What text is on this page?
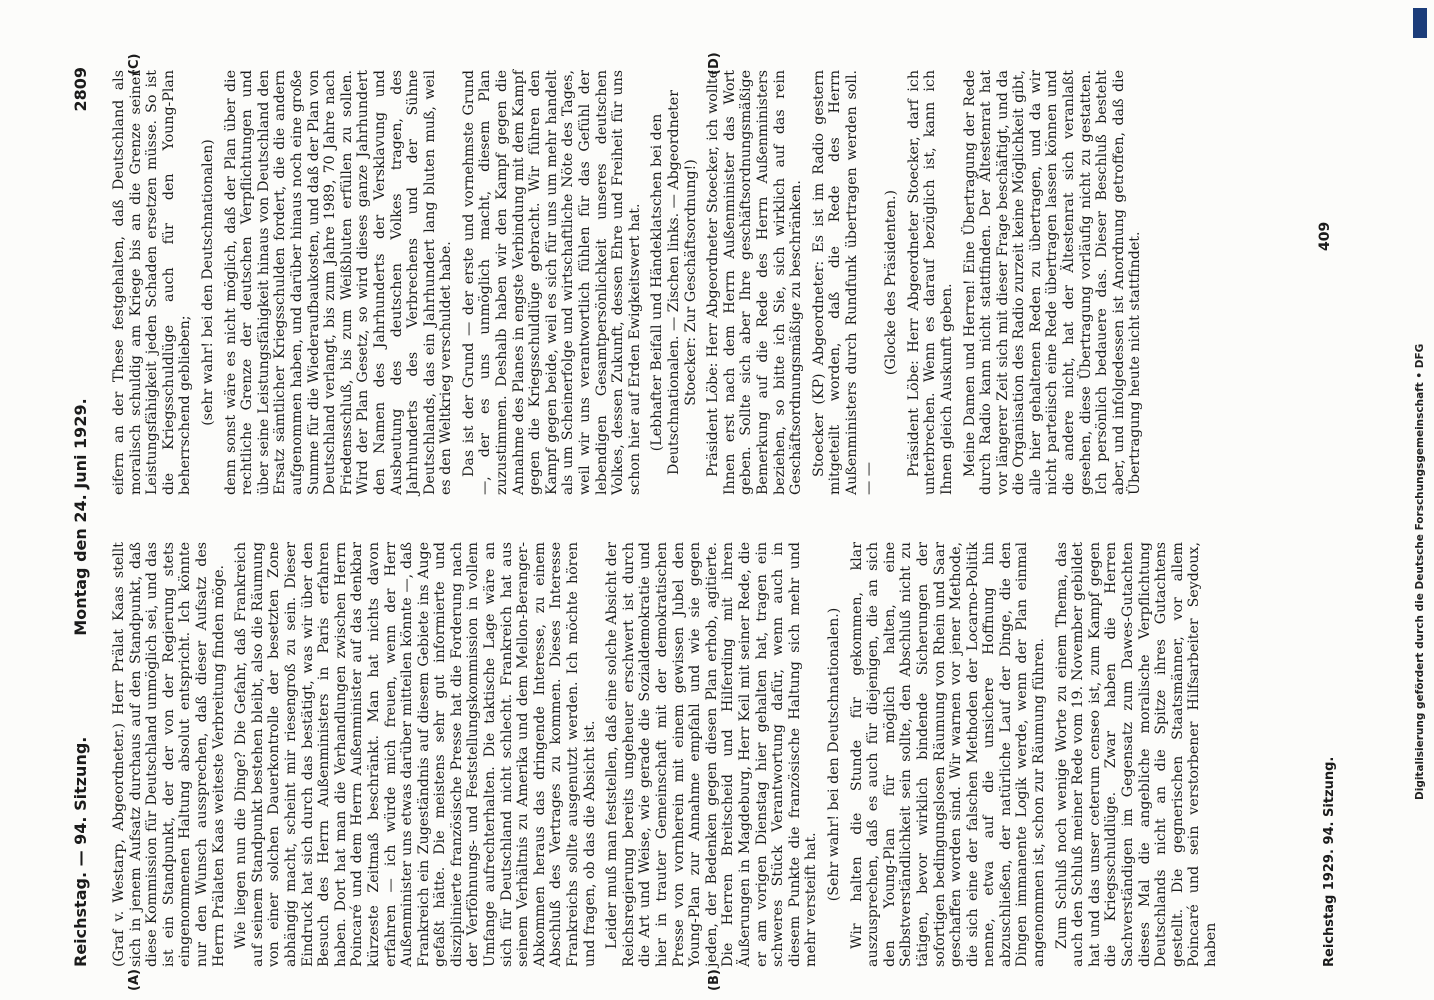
Reichstag. — 94. Sitzung.
Montag den 24. Juni 1929.
2809
(A)	(B)
(C)	(D)

(Graf v. Westarp, Abgeordneter.) Herr Prälat Kaas stellt sich in jenem Aufsatz durchaus auf den Standpunkt, daß diese Kommission für Deutschland unmöglich sei, und das ist ein Standpunkt, der der von der Regierung stets eingenommenen Haltung absolut entspricht. Ich könnte nur den Wunsch aussprechen, daß dieser Aufsatz des Herrn Prälaten Kaas weiteste Verbreitung finden möge. Wie liegen nun die Dinge? Die Gefahr, daß Frankreich auf seinem Standpunkt bestehen bleibt, also die Räumung von einer solchen Dauerkontrolle der besetzten Zone abhängig macht, scheint mir riesengroß zu sein. Dieser Eindruck hat sich durch das bestätigt, was wir über den Besuch des Herrn Außenministers in Paris erfahren haben. Dort hat man die Verhandlungen zwischen Herrn Poincaré und dem Herrn Außenminister auf das denkbar kürzeste Zeitmaß beschränkt. Man hat nichts davon erfahren — ich würde mich freuen, wenn der Herr Außenminister uns etwas darüber mitteilen könnte —, daß Frankreich ein Zugeständnis auf diesem Gebiete ins Auge gefaßt hätte. Die meistens sehr gut informierte und disziplinierte französische Presse hat die Forderung nach der Verföhnungs- und Feststellungskommission in vollem Umfange aufrechterhalten. Die taktische Lage wäre an sich für Deutschland nicht schlecht. Frankreich hat aus seinem Verhältnis zu Amerika und dem Mellon-Beranger-Abkommen heraus das dringende Interesse, zu einem Abschluß des Vertrages zu kommen. Dieses Interesse Frankreichs sollte ausgenutzt werden. Ich möchte hören und fragen, ob das die Absicht ist. Leider muß man feststellen, daß eine solche Absicht der Reichsregierung bereits ungeheuer erschwert ist durch die Art und Weise, wie gerade die Sozialdemokratie und hier in trauter Gemeinschaft mit der demokratischen Presse von vornherein mit einem gewissen Jubel den Young-Plan zur Annahme empfahl und wie sie gegen jeden, der Bedenken gegen diesen Plan erhob, agitierte. Die Herren Breitscheid und Hilferding mit ihren Äußerungen in Magdeburg, Herr Keil mit seiner Rede, die er am vorigen Dienstag hier gehalten hat, tragen ein schweres Stück Verantwortung dafür, wenn auch in diesem Punkte die französische Haltung sich mehr und mehr versteift hat. (Sehr wahr! bei den Deutschnationalen.) Wir halten die Stunde für gekommen, klar auszusprechen, daß es auch für diejenigen, die an sich den Young-Plan für möglich halten, eine Selbstverständlichkeit sein sollte, den Abschluß nicht zu tätigen, bevor wirklich bindende Sicherungen der sofortigen bedingungslosen Räumung von Rhein und Saar geschaffen worden sind. Wir warnen vor jener Methode, die sich eine der falschen Methoden der Locarno-Politik nenne, etwa auf die unsichere Hoffnung hin abzuschließen, der natürliche Lauf der Dinge, die den Dingen immanente Logik werde, wenn der Plan einmal angenommen ist, schon zur Räumung führen. Zum Schluß noch wenige Worte zu einem Thema, das auch den Schluß meiner Rede vom 19. November gebildet hat und das unser ceterum censeo ist, zum Kampf gegen die Kriegsschuldlüge. Zwar haben die Herren Sachverständigen im Gegensatz zum Dawes-Gutachten dieses Mal die angebliche moralische Verpflichtung Deutschlands nicht an die Spitze ihres Gutachtens gestellt. Die gegnerischen Staatsmänner, vor allem Poincaré und sein verstorbener Hilfsarbeiter Seydoux, haben

eifern an der These festgehalten, daß Deutschland als moralisch schuldig am Kriege bis an die Grenze seiner Leistungsfähigkeit jeden Schaden ersetzen müsse. So ist die Kriegsschuldlüge auch für den Young-Plan beherrschend geblieben; (sehr wahr! bei den Deutschnationalen) denn sonst wäre es nicht möglich, daß der Plan über die rechtliche Grenze der deutschen Verpflichtungen und über seine Leistungsfähigkeit hinaus von Deutschland den Ersatz sämtlicher Kriegsschulden fordert, die die andern aufgenommen haben, und darüber hinaus noch eine große Summe für die Wiederaufbaukosten, und daß der Plan von Deutschland verlangt, bis zum Jahre 1989, 70 Jahre nach Friedensschluß, bis zum Weißbluten erfüllen zu sollen. Wird der Plan Gesetz, so wird dieses ganze Jahrhundert den Namen des Jahrhunderts der Versklavung und Ausbeutung des deutschen Volkes tragen, des Jahrhunderts des Verbrechens und der Sühne Deutschlands, das ein Jahrhundert lang bluten muß, weil es den Weltkrieg verschuldet habe. Das ist der Grund — der erste und vornehmste Grund —, der es uns unmöglich macht, diesem Plan zuzustimmen. Deshalb haben wir den Kampf gegen die Annahme des Planes in engste Verbindung mit dem Kampf gegen die Kriegsschuldlüge gebracht. Wir führen den Kampf gegen beide, weil es sich für uns um mehr handelt als um Scheinerfolge und wirtschaftliche Nöte des Tages, weil wir uns verantwortlich fühlen für das Gefühl der lebendigen Gesamtpersönlichkeit unseres deutschen Volkes, dessen Zukunft, dessen Ehre und Freiheit für uns schon hier auf Erden Ewigkeitswert hat. (Lebhafter Beifall und Händeklatschen bei den Deutschnationalen. — Zischen links. — Abgeordneter Stoecker: Zur Geschäftsordnung!) Präsident Löbe: Herr Abgeordneter Stoecker, ich wollte Ihnen erst nach dem Herrn Außenminister das Wort geben. Sollte sich aber Ihre geschäftsordnungsmäßige Bemerkung auf die Rede des Herrn Außenministers beziehen, so bitte ich Sie, sich wirklich auf das rein Geschäftsordnungsmäßige zu beschränken. Stoecker (KP) Abgeordneter: Es ist im Radio gestern mitgeteilt worden, daß die Rede des Herrn Außenministers durch Rundfunk übertragen werden soll. — —

(Glocke des Präsidenten.) Präsident Löbe: Herr Abgeordneter Stoecker, darf ich unterbrechen. Wenn es darauf bezüglich ist, kann ich Ihnen gleich Auskunft geben. Meine Damen und Herren! Eine Übertragung der Rede durch Radio kann nicht stattfinden. Der Ältestenrat hat vor längerer Zeit sich mit dieser Frage beschäftigt, und da die Organisation des Radio zurzeit keine Möglichkeit gibt, alle hier gehaltenen Reden zu übertragen, und da wir nicht parteiisch eine Rede übertragen lassen können und die andere nicht, hat der Ältestenrat sich veranlaßt gesehen, diese Übertragung vorläufig nicht zu gestatten. Ich persönlich bedauere das. Dieser Beschluß besteht aber, und infolgedessen ist Anordnung getroffen, daß die Übertragung heute nicht stattfindet.

Reichstag 1929. 94. Sitzung.
409
Digitalisierung gefördert durch die Deutsche Forschungsgemeinschaft • DFG
